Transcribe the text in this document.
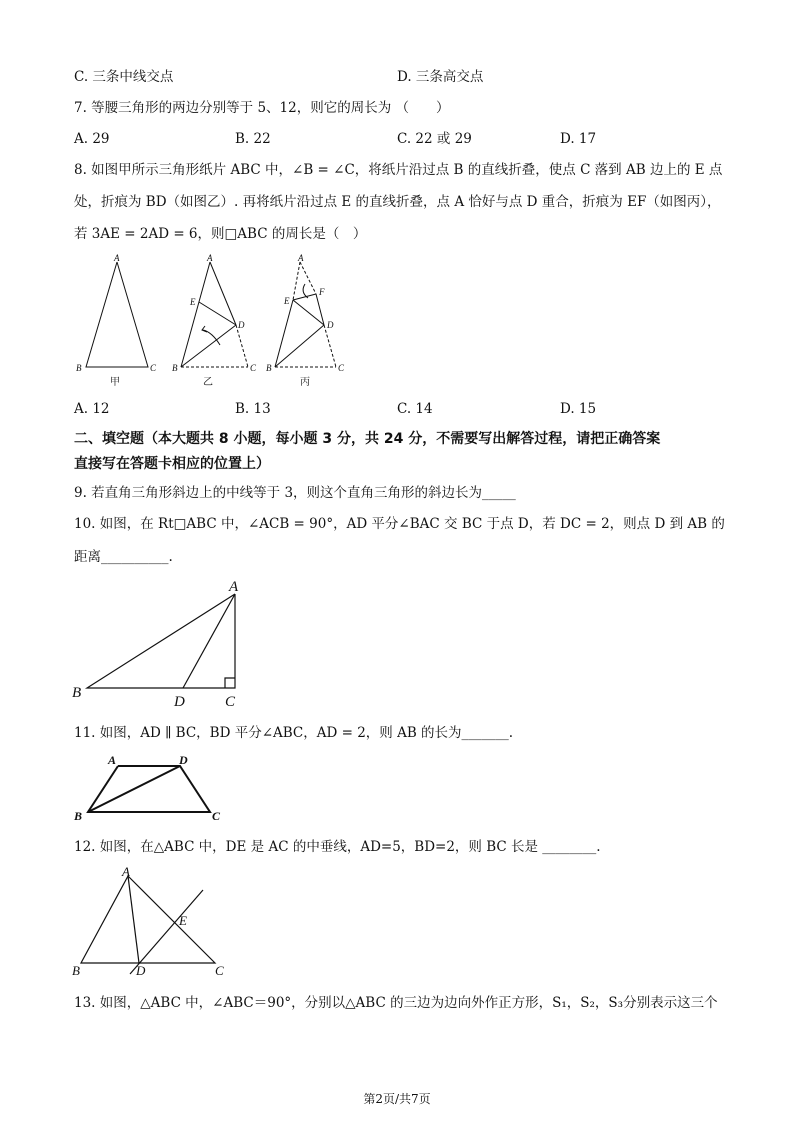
C. 三条中线交点	D. 三条高交点
7. 等腰三角形的两边分别等于 5、12，则它的周长为 （　　）
A. 29	B. 22	C. 22 或 29	D. 17
8. 如图甲所示三角形纸片 ABC 中，∠B = ∠C，将纸片沿过点 B 的直线折叠，使点 C 落到 AB 边上的 E 点
处，折痕为 BD（如图乙）. 再将纸片沿过点 E 的直线折叠，点 A 恰好与点 D 重合，折痕为 EF（如图丙），
若 3AE = 2AD = 6，则□ABC 的周长是（　）
A
B	C
A
E
D
B	C
A
E
F
D
B	C
甲	乙	丙
A. 12	B. 13	C. 14	D. 15
二、填空题（本大题共 8 小题，每小题 3 分，共 24 分，不需要写出解答过程，请把正确答案
直接写在答题卡相应的位置上）
9. 若直角三角形斜边上的中线等于 3，则这个直角三角形的斜边长为_____
10. 如图，在 Rt□ABC 中，∠ACB = 90°，AD 平分∠BAC 交 BC 于点 D，若 DC = 2，则点 D 到 AB 的
距离__________.
A
B
D	C
11. 如图，AD ∥ BC，BD 平分∠ABC，AD = 2，则 AB 的长为_______.
A	D
B	C
12. 如图，在△ABC 中，DE 是 AC 的中垂线，AD=5，BD=2，则 BC 长是 ________.
A
E
B	D	C
13. 如图，△ABC 中，∠ABC＝90°，分别以△ABC 的三边为边向外作正方形，S₁，S₂，S₃分别表示这三个
第2页/共7页
